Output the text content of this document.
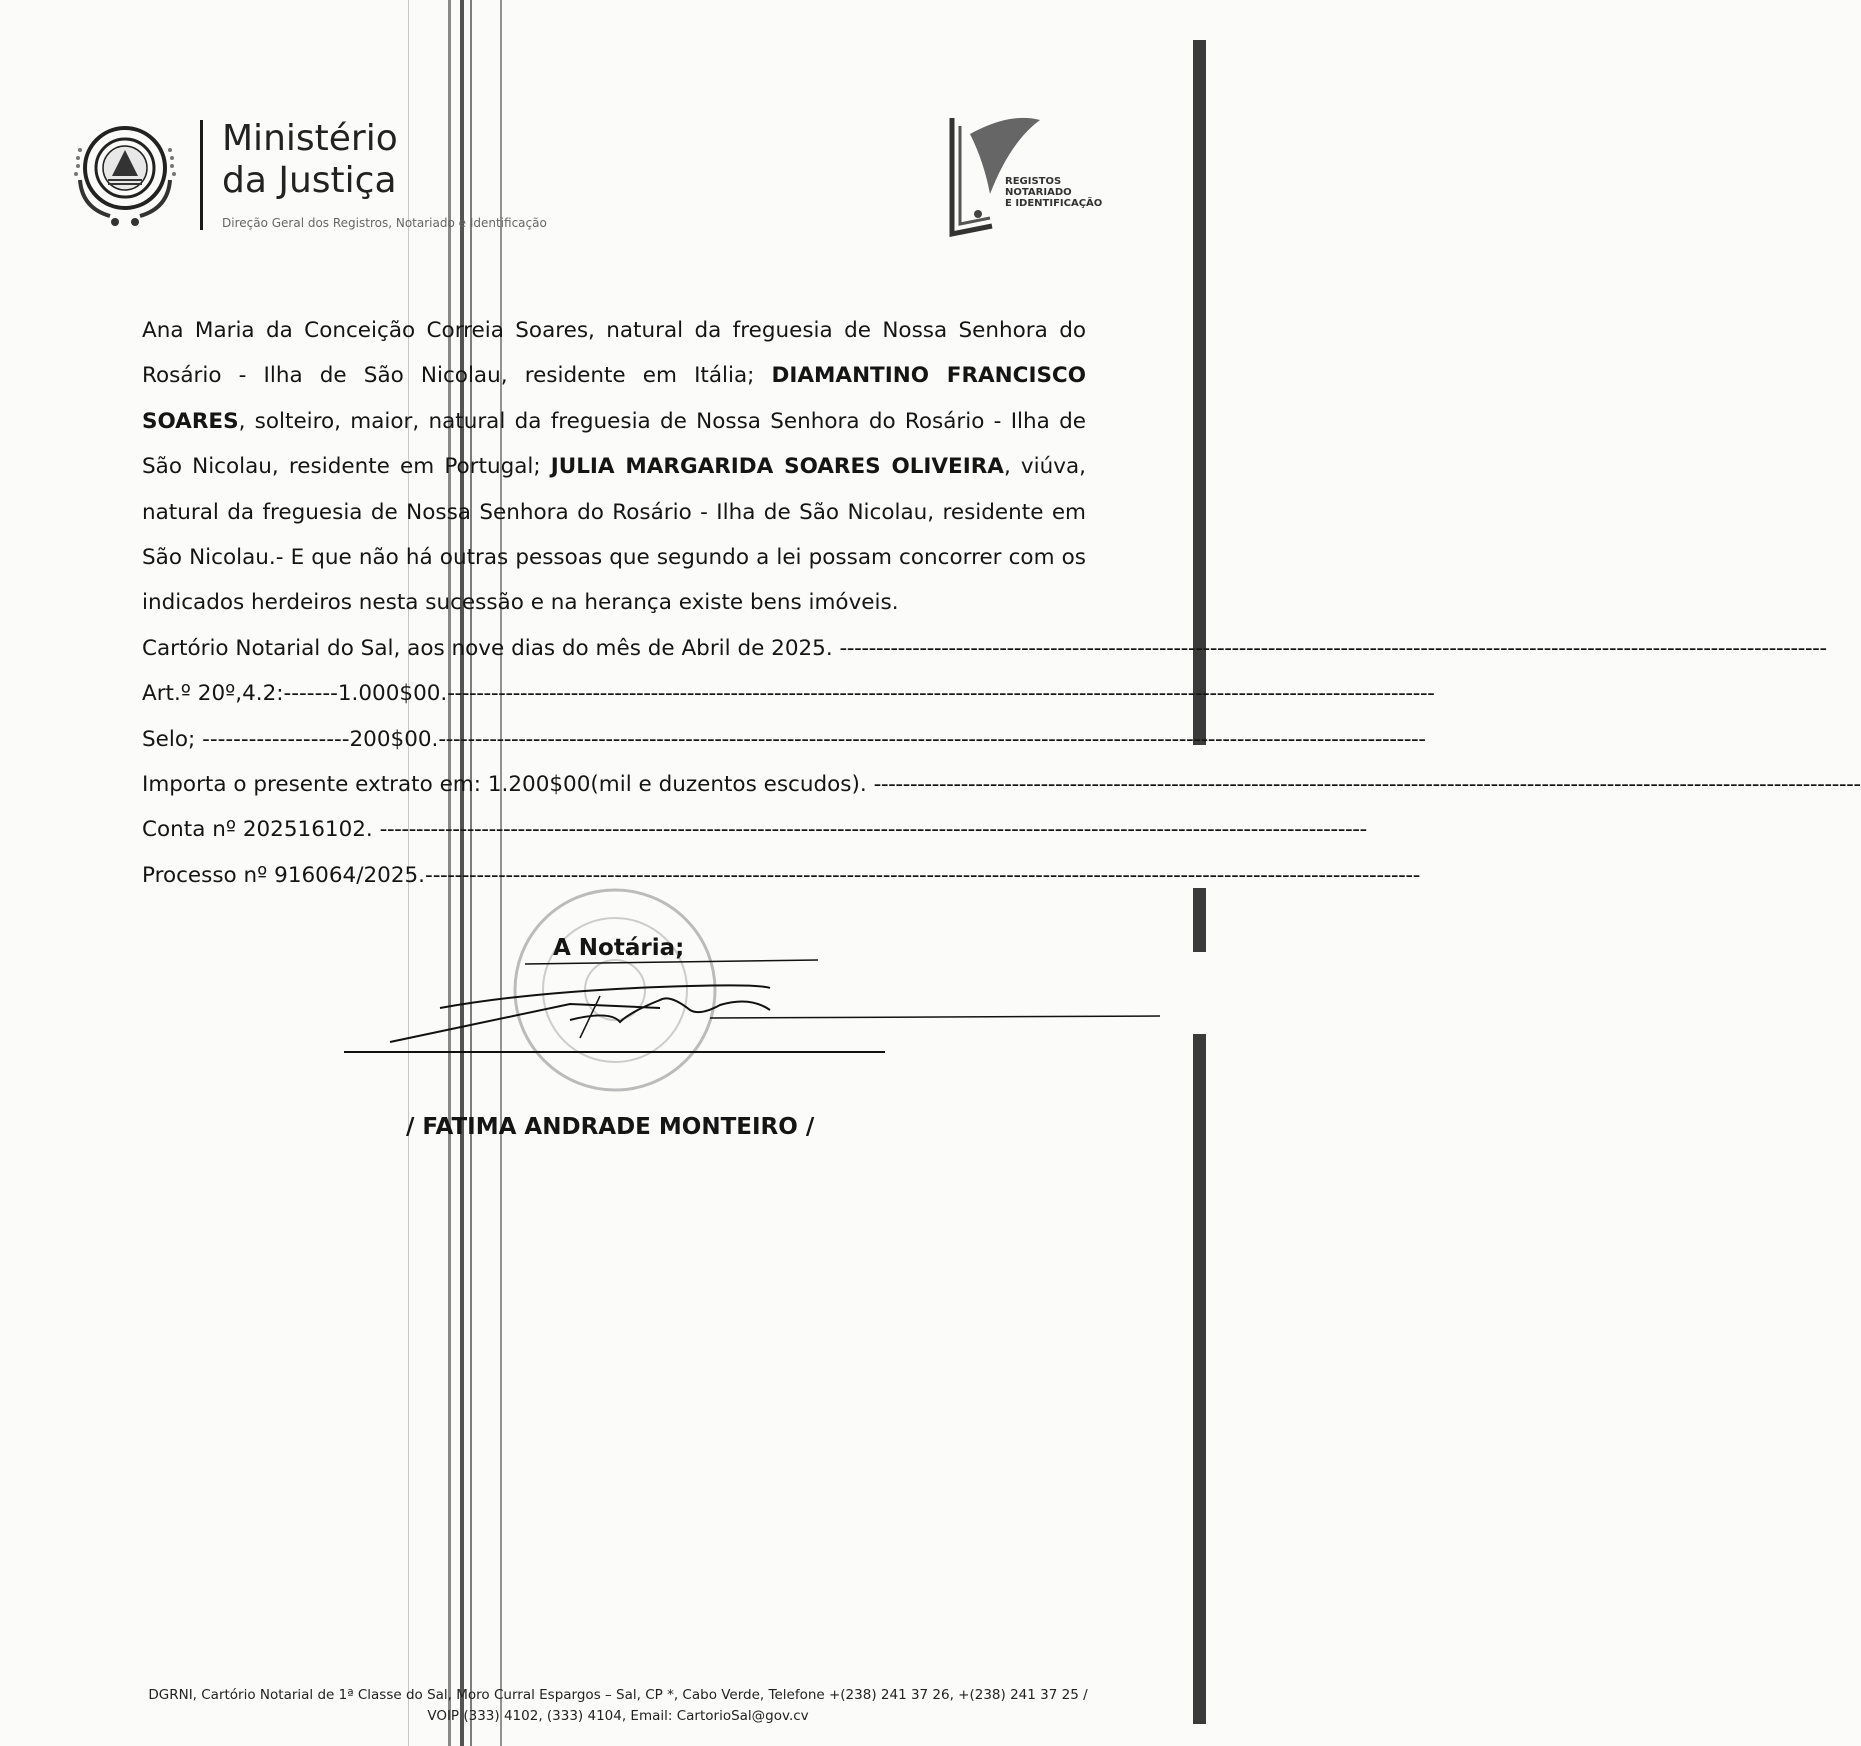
Ministério
da Justiça
Direção Geral dos Registros, Notariado e Identificação
REGISTOS
NOTARIADO
E IDENTIFICAÇÃO
Ana Maria da Conceição Correia Soares, natural da freguesia de Nossa Senhora do Rosário - Ilha de São Nicolau, residente em Itália; DIAMANTINO FRANCISCO SOARES, solteiro, maior, natural da freguesia de Nossa Senhora do Rosário - Ilha de São Nicolau, residente em Portugal; JULIA MARGARIDA SOARES OLIVEIRA, viúva, natural da freguesia de Nossa Senhora do Rosário - Ilha de São Nicolau, residente em São Nicolau.- E que não há outras pessoas que segundo a lei possam concorrer com os indicados herdeiros nesta sucessão e na herança existe bens imóveis.
Cartório Notarial do Sal, aos nove dias do mês de Abril de 2025.
----------------------------------------------------------------------------------------------------------------------------------------
Art.º 20º,4.2:-------1.000$00. ----------------------------------------------------------------------------------------------------------------------------------------
Selo; -------------------200$00. ----------------------------------------------------------------------------------------------------------------------------------------
Importa o presente extrato em: 1.200$00(mil e duzentos escudos).
----------------------------------------------------------------------------------------------------------------------------------------
Conta nº 202516102.
----------------------------------------------------------------------------------------------------------------------------------------
Processo nº 916064/2025.- ----------------------------------------------------------------------------------------------------------------------------------------
A Notária;
/ FATIMA ANDRADE MONTEIRO /
DGRNI, Cartório Notarial de 1ª Classe do Sal, Moro Curral Espargos – Sal, CP *, Cabo Verde, Telefone +(238) 241 37 26, +(238) 241 37 25 /
VOIP (333) 4102, (333) 4104, Email: CartorioSal@gov.cv
